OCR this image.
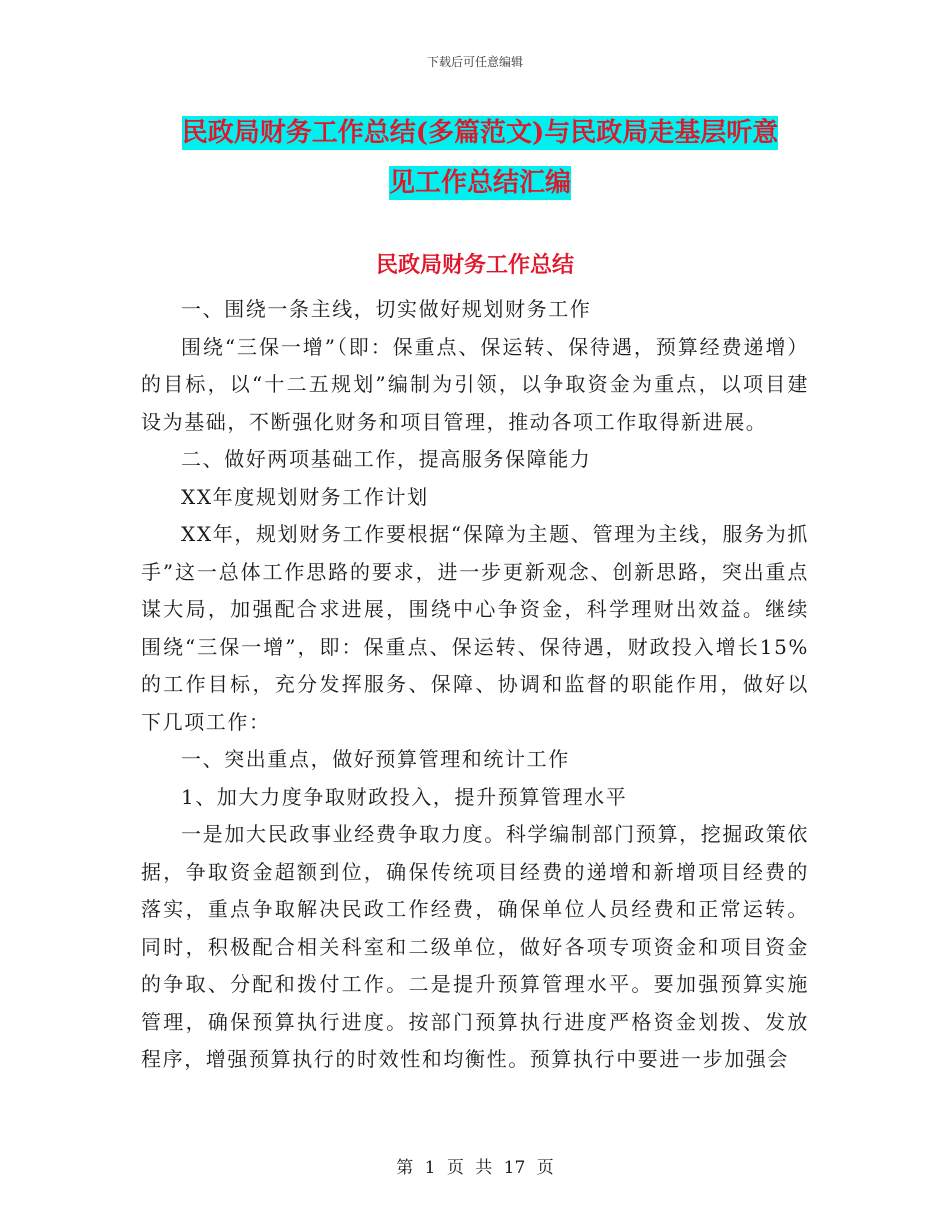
下载后可任意编辑
民政局财务工作总结(多篇范文)与民政局走基层听意
见工作总结汇编
民政局财务工作总结

一、围绕一条主线，切实做好规划财务工作

围绕“三保一增”（即：保重点、保运转、保待遇，预算经费递增）的目标，以“十二五规划”编制为引领，以争取资金为重点，以项目建设为基础，不断强化财务和项目管理，推动各项工作取得新进展。

二、做好两项基础工作，提高服务保障能力

XX年度规划财务工作计划

XX年，规划财务工作要根据“保障为主题、管理为主线，服务为抓手”这一总体工作思路的要求，进一步更新观念、创新思路，突出重点谋大局，加强配合求进展，围绕中心争资金，科学理财出效益。继续围绕“三保一增”，即：保重点、保运转、保待遇，财政投入增长15%的工作目标，充分发挥服务、保障、协调和监督的职能作用，做好以下几项工作：

一、突出重点，做好预算管理和统计工作

1、加大力度争取财政投入，提升预算管理水平

一是加大民政事业经费争取力度。科学编制部门预算，挖掘政策依据，争取资金超额到位，确保传统项目经费的递增和新增项目经费的落实，重点争取解决民政工作经费，确保单位人员经费和正常运转。同时，积极配合相关科室和二级单位，做好各项专项资金和项目资金的争取、分配和拨付工作。二是提升预算管理水平。要加强预算实施管理，确保预算执行进度。按部门预算执行进度严格资金划拨、发放程序，增强预算执行的时效性和均衡性。预算执行中要进一步加强会

第 1 页 共 17 页
